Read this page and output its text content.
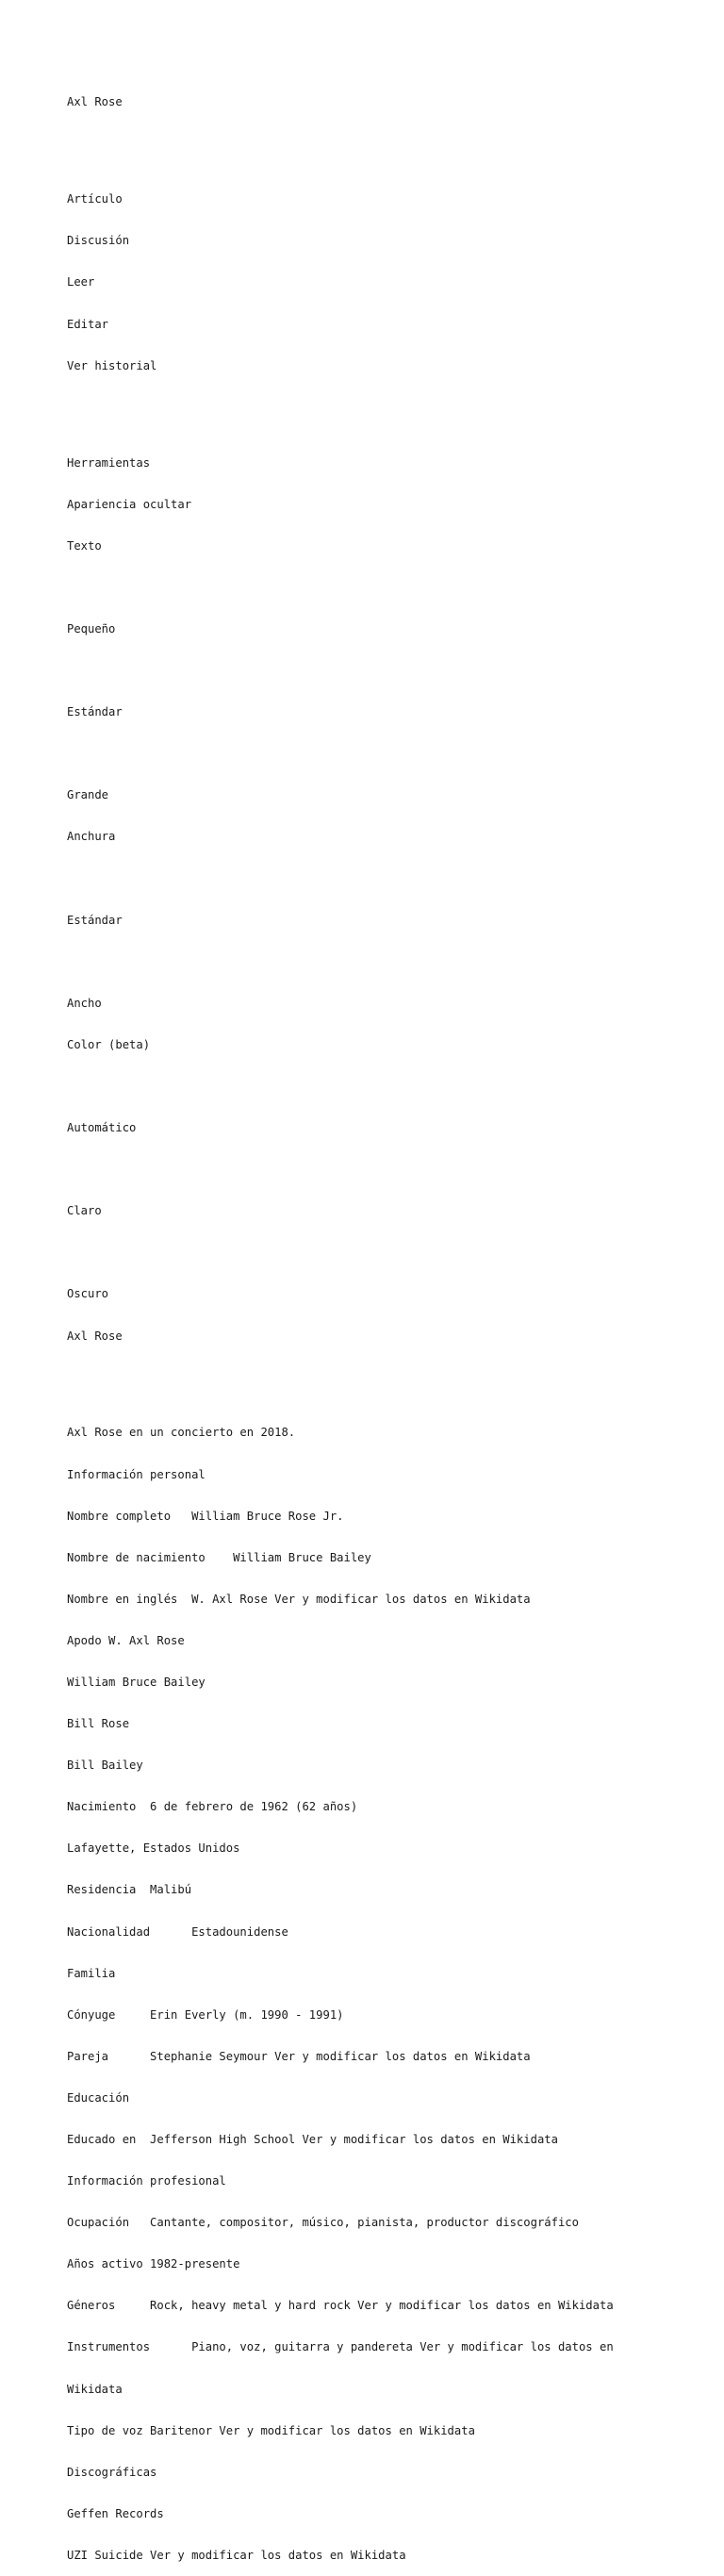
Axl Rose

Artículo

Discusión

Leer

Editar

Ver historial

Herramientas

Apariencia ocultar

Texto

Pequeño

Estándar

Grande

Anchura

Estándar

Ancho

Color (beta)

Automático

Claro

Oscuro

Axl Rose

Axl Rose en un concierto en 2018.

Información personal

Nombre completo   William Bruce Rose Jr.

Nombre de nacimiento    William Bruce Bailey

Nombre en inglés  W. Axl Rose Ver y modificar los datos en Wikidata

Apodo W. Axl Rose

William Bruce Bailey

Bill Rose

Bill Bailey

Nacimiento  6 de febrero de 1962 (62 años)

Lafayette, Estados Unidos

Residencia  Malibú

Nacionalidad      Estadounidense

Familia

Cónyuge     Erin Everly (m. 1990 - 1991)

Pareja      Stephanie Seymour Ver y modificar los datos en Wikidata

Educación

Educado en  Jefferson High School Ver y modificar los datos en Wikidata

Información profesional

Ocupación   Cantante, compositor, músico, pianista, productor discográfico

Años activo 1982-presente

Géneros     Rock, heavy metal y hard rock Ver y modificar los datos en Wikidata

Instrumentos      Piano, voz, guitarra y pandereta Ver y modificar los datos en

Wikidata

Tipo de voz Baritenor Ver y modificar los datos en Wikidata

Discográficas

Geffen Records

UZI Suicide Ver y modificar los datos en Wikidata
